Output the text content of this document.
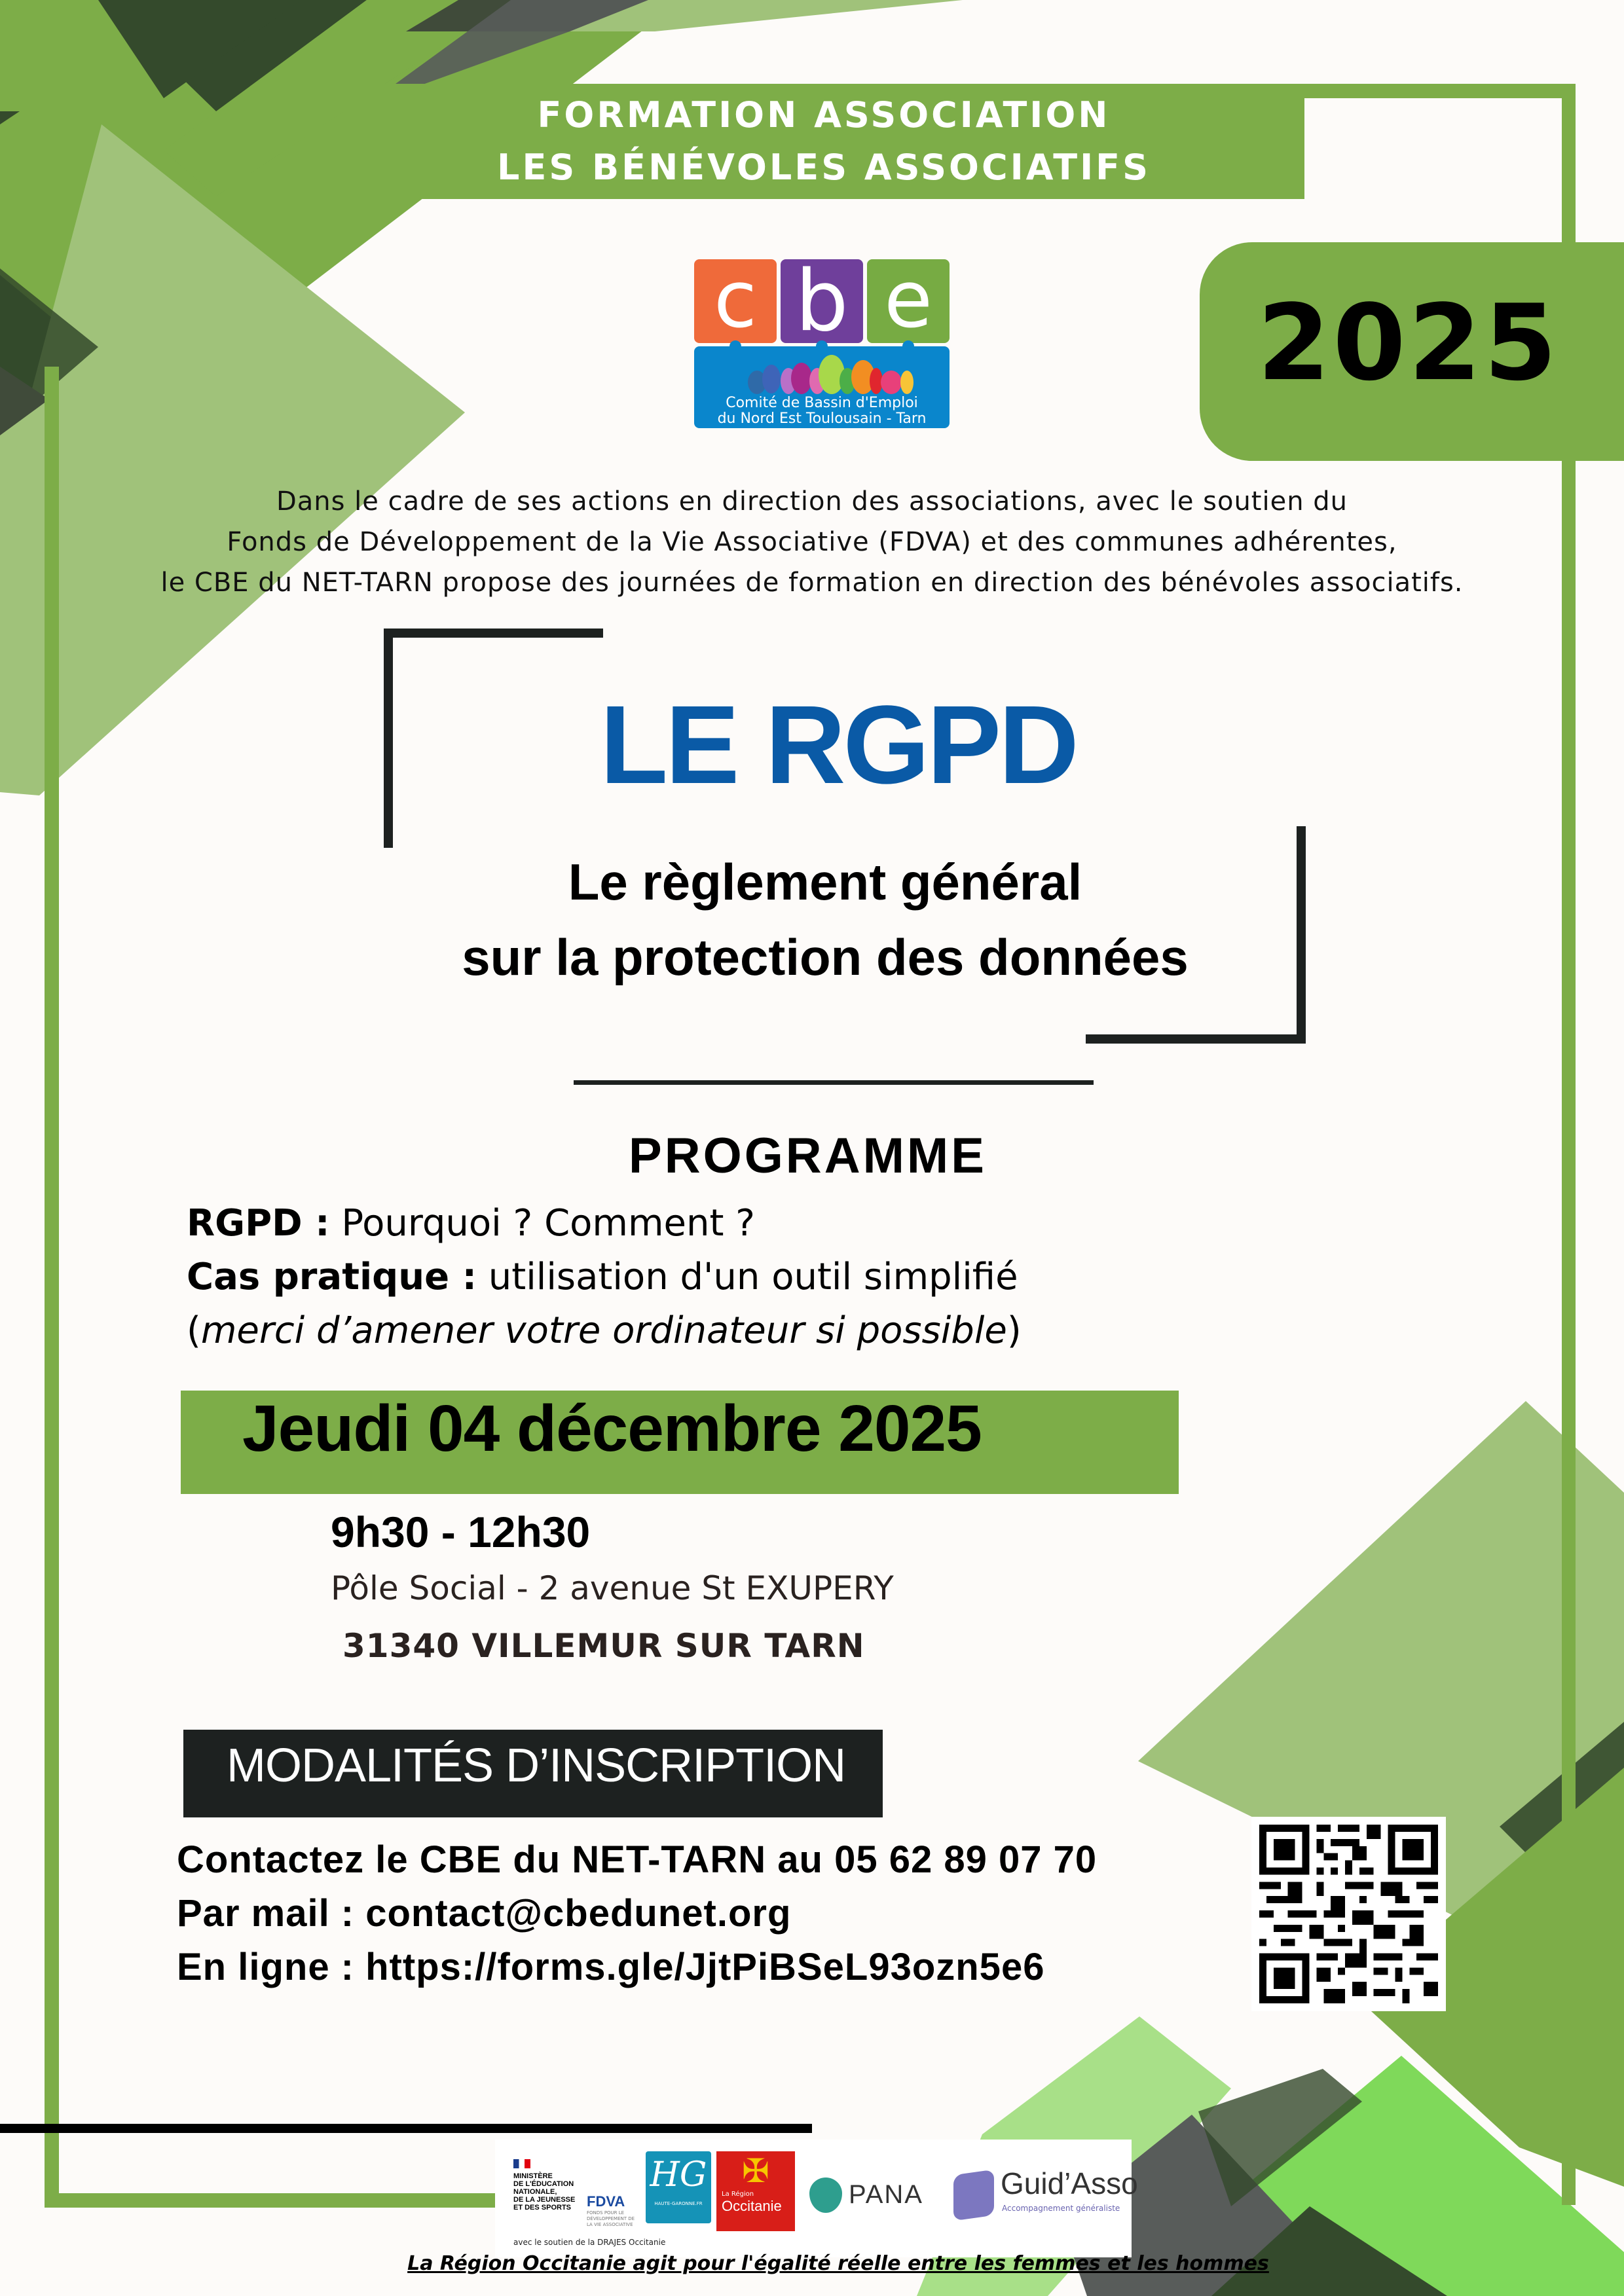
FORMATION ASSOCIATION
LES BÉNÉVOLES ASSOCIATIFS
2025
c b e
Comité de Bassin d'Emploi
du Nord Est Toulousain - Tarn
Dans le cadre de ses actions en direction des associations, avec le soutien du
Fonds de Développement de la Vie Associative (FDVA) et des communes adhérentes,
le CBE du NET-TARN propose des journées de formation en direction des bénévoles associatifs.
LE RGPD
Le règlement général
sur la protection des données
PROGRAMME
RGPD : Pourquoi ? Comment ?
Cas pratique : utilisation d'un outil simplifié
(merci d’amener votre ordinateur si possible)
Jeudi 04 décembre 2025
9h30 - 12h30
Pôle Social - 2 avenue St EXUPERY
31340 VILLEMUR SUR TARN
MODALITÉS D’INSCRIPTION
Contactez le CBE du NET-TARN au 05 62 89 07 70
Par mail : contact@cbedunet.org
En ligne : https://forms.gle/JjtPiBSeL93ozn5e6
MINISTÈRE
DE L'ÉDUCATION
NATIONALE,
DE LA JEUNESSE
ET DES SPORTS	FDVA
FONDS POUR LE DÉVELOPPEMENT DE LA VIE ASSOCIATIVE
HG
HAUTE-GARONNE.FR
✠
La Région
Occitanie	PANA	Guid’Asso
Accompagnement généraliste
avec le soutien de la DRAJES Occitanie
La Région Occitanie agit pour l'égalité réelle entre les femmes et les hommes
